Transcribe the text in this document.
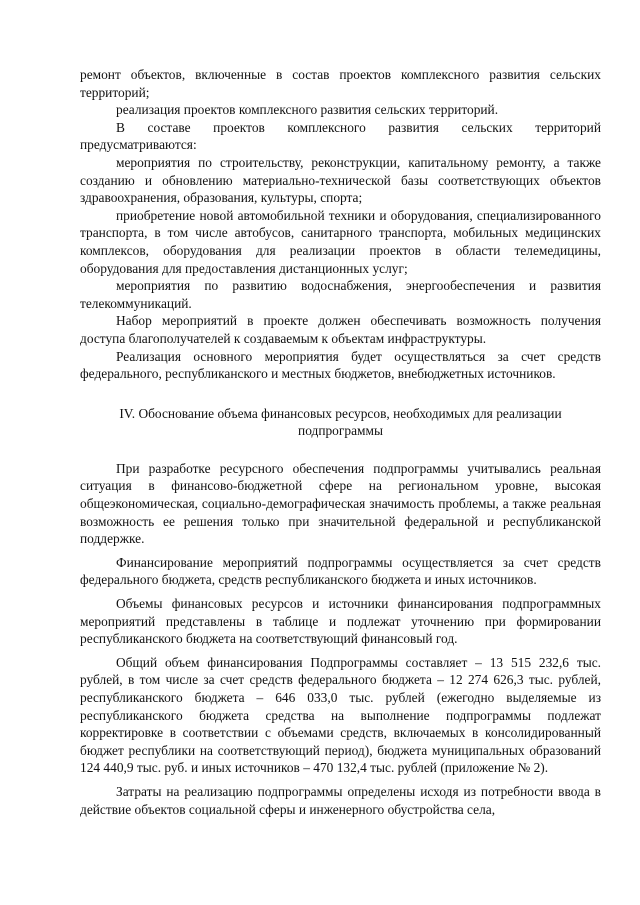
ремонт объектов, включенные в состав проектов комплексного развития сельских территорий;

реализация проектов комплексного развития сельских территорий.

В составе проектов комплексного развития сельских территорий предусматриваются:

мероприятия по строительству, реконструкции, капитальному ремонту, а также созданию и обновлению материально-технической базы соответствующих объектов здравоохранения, образования, культуры, спорта;

приобретение новой автомобильной техники и оборудования, специализированного транспорта, в том числе автобусов, санитарного транспорта, мобильных медицинских комплексов, оборудования для реализации проектов в области телемедицины, оборудования для предоставления дистанционных услуг;

мероприятия по развитию водоснабжения, энергообеспечения и развития телекоммуникаций.

Набор мероприятий в проекте должен обеспечивать возможность получения доступа благополучателей к создаваемым к объектам инфраструктуры.

Реализация основного мероприятия будет осуществляться за счет средств федерального, республиканского и местных бюджетов, внебюджетных источников.

IV. Обоснование объема финансовых ресурсов, необходимых для реализации
подпрограммы

При разработке ресурсного обеспечения подпрограммы учитывались реальная ситуация в финансово-бюджетной сфере на региональном уровне, высокая общеэкономическая, социально-демографическая значимость проблемы, а также реальная возможность ее решения только при значительной федеральной и республиканской поддержке.

Финансирование мероприятий подпрограммы осуществляется за счет средств федерального бюджета, средств республиканского бюджета и иных источников.

Объемы финансовых ресурсов и источники финансирования подпрограммных мероприятий представлены в таблице и подлежат уточнению при формировании республиканского бюджета на соответствующий финансовый год.

Общий объем финансирования Подпрограммы составляет – 13 515 232,6 тыс. рублей, в том числе за счет средств федерального бюджета – 12 274 626,3 тыс. рублей, республиканского бюджета – 646 033,0 тыс. рублей (ежегодно выделяемые из республиканского бюджета средства на выполнение подпрограммы подлежат корректировке в соответствии с объемами средств, включаемых в консолидированный бюджет республики на соответствующий период), бюджета муниципальных образований 124 440,9 тыс. руб. и иных источников – 470 132,4 тыс. рублей (приложение № 2).

Затраты на реализацию подпрограммы определены исходя из потребности ввода в действие объектов социальной сферы и инженерного обустройства села,
